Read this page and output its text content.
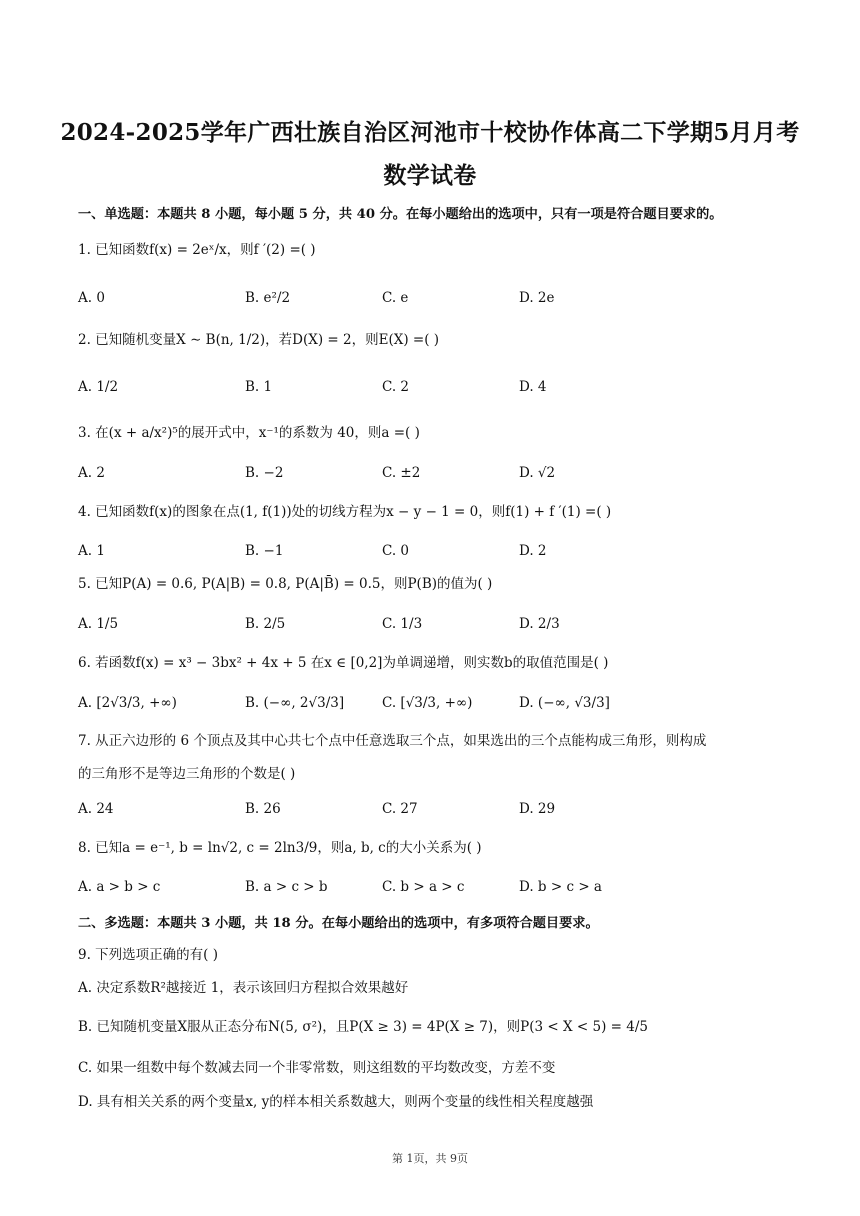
2024-2025学年广西壮族自治区河池市十校协作体高二下学期5月月考
数学试卷
一、单选题：本题共 8 小题，每小题 5 分，共 40 分。在每小题给出的选项中，只有一项是符合题目要求的。
1. 已知函数f(x) = 2eˣ/x，则f ′(2) =( )
A. 0	B. e²/2	C. e	D. 2e
2. 已知随机变量X ∼ B(n, 1/2)，若D(X) = 2，则E(X) =( )
A. 1/2	B. 1	C. 2	D. 4
3. 在(x + a/x²)⁵的展开式中，x⁻¹的系数为 40，则a =( )
A. 2	B. −2	C. ±2	D. √2
4. 已知函数f(x)的图象在点(1, f(1))处的切线方程为x − y − 1 = 0，则f(1) + f ′(1) =( )
A. 1	B. −1	C. 0	D. 2
5. 已知P(A) = 0.6, P(A|B) = 0.8, P(A|B̄) = 0.5，则P(B)的值为( )
A. 1/5	B. 2/5	C. 1/3	D. 2/3
6. 若函数f(x) = x³ − 3bx² + 4x + 5 在x ∈ [0,2]为单调递增，则实数b的取值范围是( )
A. [2√3/3, +∞)	B. (−∞, 2√3/3]	C. [√3/3, +∞)	D. (−∞, √3/3]
7. 从正六边形的 6 个顶点及其中心共七个点中任意选取三个点，如果选出的三个点能构成三角形，则构成
的三角形不是等边三角形的个数是( )
A. 24	B. 26	C. 27	D. 29
8. 已知a = e⁻¹, b = ln√2, c = 2ln3/9，则a, b, c的大小关系为( )
A. a > b > c	B. a > c > b	C. b > a > c	D. b > c > a
二、多选题：本题共 3 小题，共 18 分。在每小题给出的选项中，有多项符合题目要求。
9. 下列选项正确的有( )
A. 决定系数R²越接近 1，表示该回归方程拟合效果越好
B. 已知随机变量X服从正态分布N(5, σ²)，且P(X ≥ 3) = 4P(X ≥ 7)，则P(3 < X < 5) = 4/5
C. 如果一组数中每个数减去同一个非零常数，则这组数的平均数改变，方差不变
D. 具有相关关系的两个变量x, y的样本相关系数越大，则两个变量的线性相关程度越强
第 1页，共 9页
